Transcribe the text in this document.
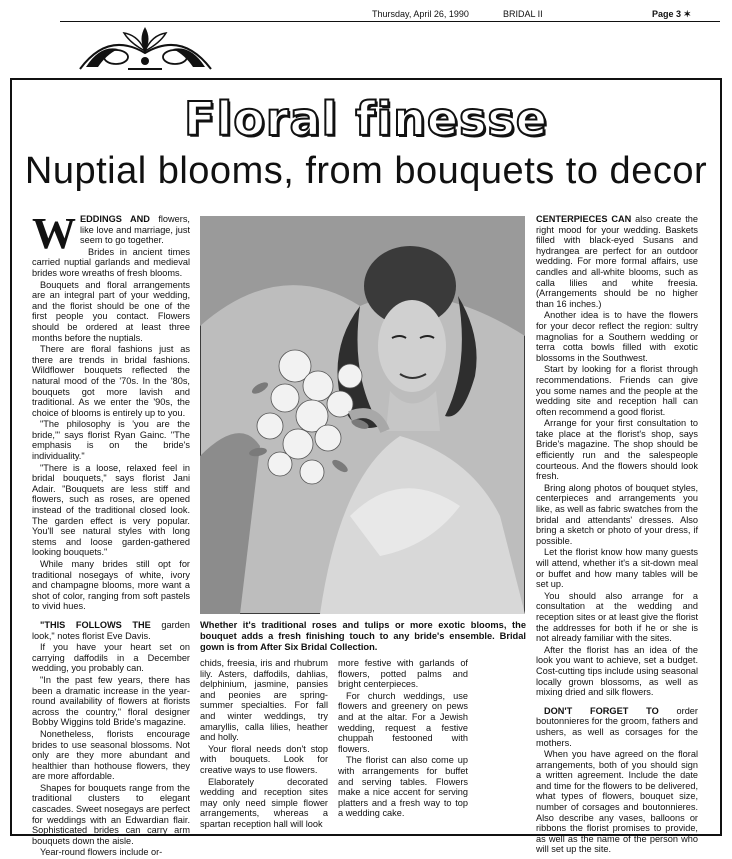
Thursday, April 26, 1990	BRIDAL II	Page 3 ✶
Floral finesse
Nuptial blooms, from bouquets to decor

WEDDINGS AND flowers, like love and marriage, just seem to go together.

Brides in ancient times carried nuptial garlands and medieval brides wore wreaths of fresh blooms.

Bouquets and floral arrangements are an integral part of your wedding, and the florist should be one of the first people you contact. Flowers should be ordered at least three months before the nuptials.

There are floral fashions just as there are trends in bridal fashions. Wildflower bouquets reflected the natural mood of the '70s. In the '80s, bouquets got more lavish and traditional. As we enter the '90s, the choice of blooms is entirely up to you.

"The philosophy is 'you are the bride,'" says florist Ryan Gainc. "The emphasis is on the bride's individuality."

"There is a loose, relaxed feel in bridal bouquets," says florist Jani Adair. "Bouquets are less stiff and flowers, such as roses, are opened instead of the traditional closed look. The garden effect is very popular. You'll see natural styles with long stems and loose garden-gathered looking bouquets."

While many brides still opt for traditional nosegays of white, ivory and champagne blooms, more want a shot of color, ranging from soft pastels to vivid hues.

"THIS FOLLOWS THE garden look," notes florist Eve Davis.

If you have your heart set on carrying daffodils in a December wedding, you probably can.

"In the past few years, there has been a dramatic increase in the year-round availability of flowers at florists across the country," floral designer Bobby Wiggins told Bride's magazine.

Nonetheless, florists encourage brides to use seasonal blossoms. Not only are they more abundant and healthier than hothouse flowers, they are more affordable.

Shapes for bouquets range from the traditional clusters to elegant cascades. Sweet nosegays are perfect for weddings with an Edwardian flair. Sophisticated brides can carry arm bouquets down the aisle.

Year-round flowers include or-

Whether it's traditional roses and tulips or more exotic blooms, the bouquet adds a fresh finishing touch to any bride's ensemble. Bridal gown is from After Six Bridal Collection.

chids, freesia, iris and rhubrum lily. Asters, daffodils, dahlias, delphinium, jasmine, pansies and peonies are spring-summer specialties. For fall and winter weddings, try amaryllis, calla lilies, heather and holly.

Your floral needs don't stop with bouquets. Look for creative ways to use flowers.

Elaborately decorated wedding and reception sites may only need simple flower arrangements, whereas a spartan reception hall will look

more festive with garlands of flowers, potted palms and bright centerpieces.

For church weddings, use flowers and greenery on pews and at the altar. For a Jewish wedding, request a festive chuppah festooned with flowers.

The florist can also come up with arrangements for buffet and serving tables. Flowers make a nice accent for serving platters and a fresh way to top a wedding cake.

CENTERPIECES CAN also create the right mood for your wedding. Baskets filled with black-eyed Susans and hydrangea are perfect for an outdoor wedding. For more formal affairs, use candles and all-white blooms, such as calla lilies and white freesia. (Arrangements should be no higher than 16 inches.)

Another idea is to have the flowers for your decor reflect the region: sultry magnolias for a Southern wedding or terra cotta bowls filled with exotic blossoms in the Southwest.

Start by looking for a florist through recommendations. Friends can give you some names and the people at the wedding site and reception hall can often recommend a good florist.

Arrange for your first consultation to take place at the florist's shop, says Bride's magazine. The shop should be efficiently run and the salespeople courteous. And the flowers should look fresh.

Bring along photos of bouquet styles, centerpieces and arrangements you like, as well as fabric swatches from the bridal and attendants' dresses. Also bring a sketch or photo of your dress, if possible.

Let the florist know how many guests will attend, whether it's a sit-down meal or buffet and how many tables will be set up.

You should also arrange for a consultation at the wedding and reception sites or at least give the florist the addresses for both if he or she is not already familiar with the sites.

After the florist has an idea of the look you want to achieve, set a budget. Cost-cutting tips include using seasonal locally grown blossoms, as well as mixing dried and silk flowers.

DON'T FORGET TO order boutonnieres for the groom, fathers and ushers, as well as corsages for the mothers.

When you have agreed on the floral arrangements, both of you should sign a written agreement. Include the date and time for the flowers to be delivered, what types of flowers, bouquet size, number of corsages and boutonnieres. Also describe any vases, balloons or ribbons the florist promises to provide, as well as the name of the person who will set up the site.
